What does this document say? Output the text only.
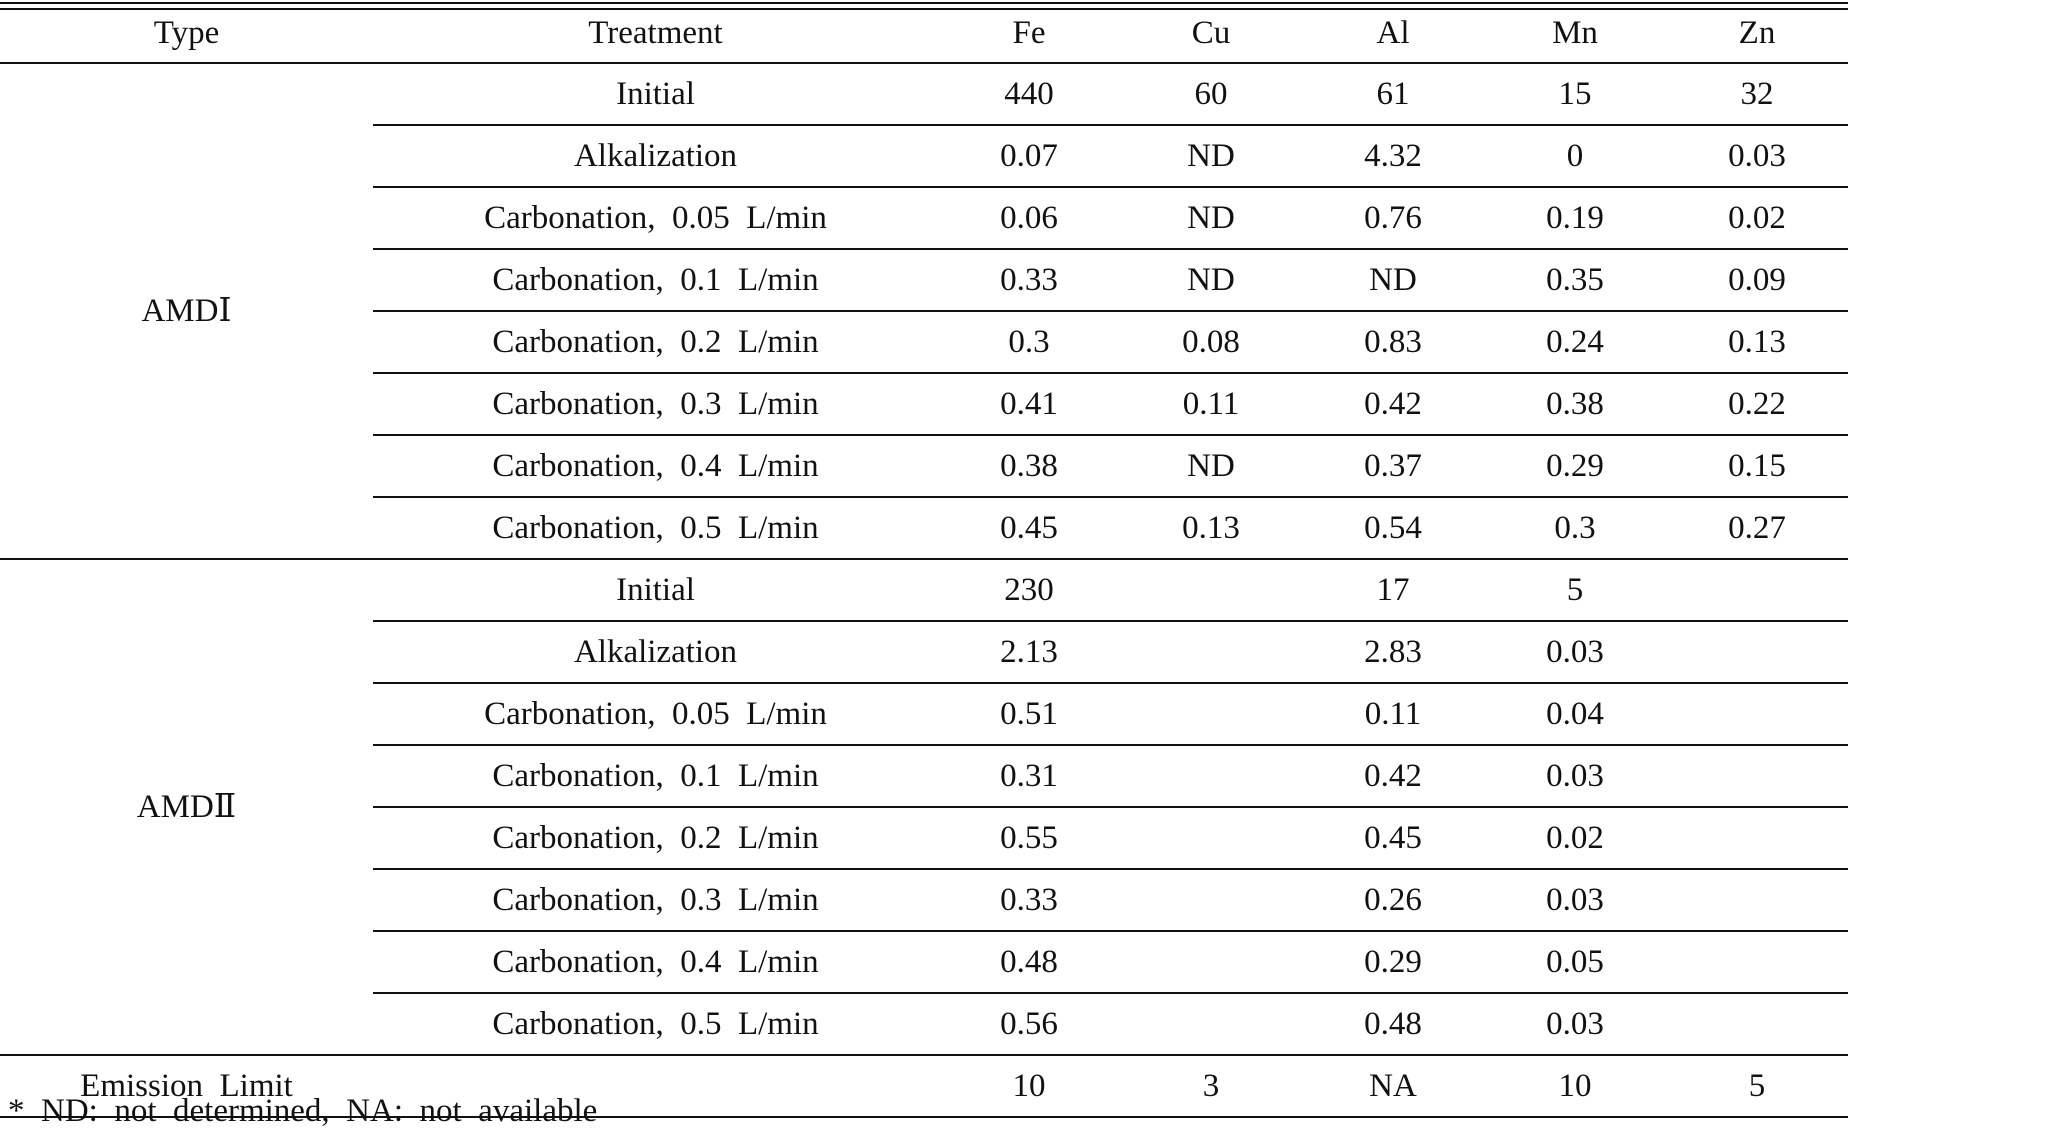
Type	Treatment	Fe	Cu	Al	Mn	Zn
AMDⅠ	Initial	440	60	61	15	32
	Alkalization	0.07	ND	4.32	0	0.03
	Carbonation,  0.05  L/min	0.06	ND	0.76	0.19	0.02
	Carbonation,  0.1  L/min	0.33	ND	ND	0.35	0.09
	Carbonation,  0.2  L/min	0.3	0.08	0.83	0.24	0.13
	Carbonation,  0.3  L/min	0.41	0.11	0.42	0.38	0.22
	Carbonation,  0.4  L/min	0.38	ND	0.37	0.29	0.15
	Carbonation,  0.5  L/min	0.45	0.13	0.54	0.3	0.27
AMDⅡ	Initial	230		17	5	
	Alkalization	2.13		2.83	0.03	
	Carbonation,  0.05  L/min	0.51		0.11	0.04	
	Carbonation,  0.1  L/min	0.31		0.42	0.03	
	Carbonation,  0.2  L/min	0.55		0.45	0.02	
	Carbonation,  0.3  L/min	0.33		0.26	0.03	
	Carbonation,  0.4  L/min	0.48		0.29	0.05	
	Carbonation,  0.5  L/min	0.56		0.48	0.03	
Emission  Limit		10	3	NA	10	5
*  ND:  not  determined,  NA:  not  available
